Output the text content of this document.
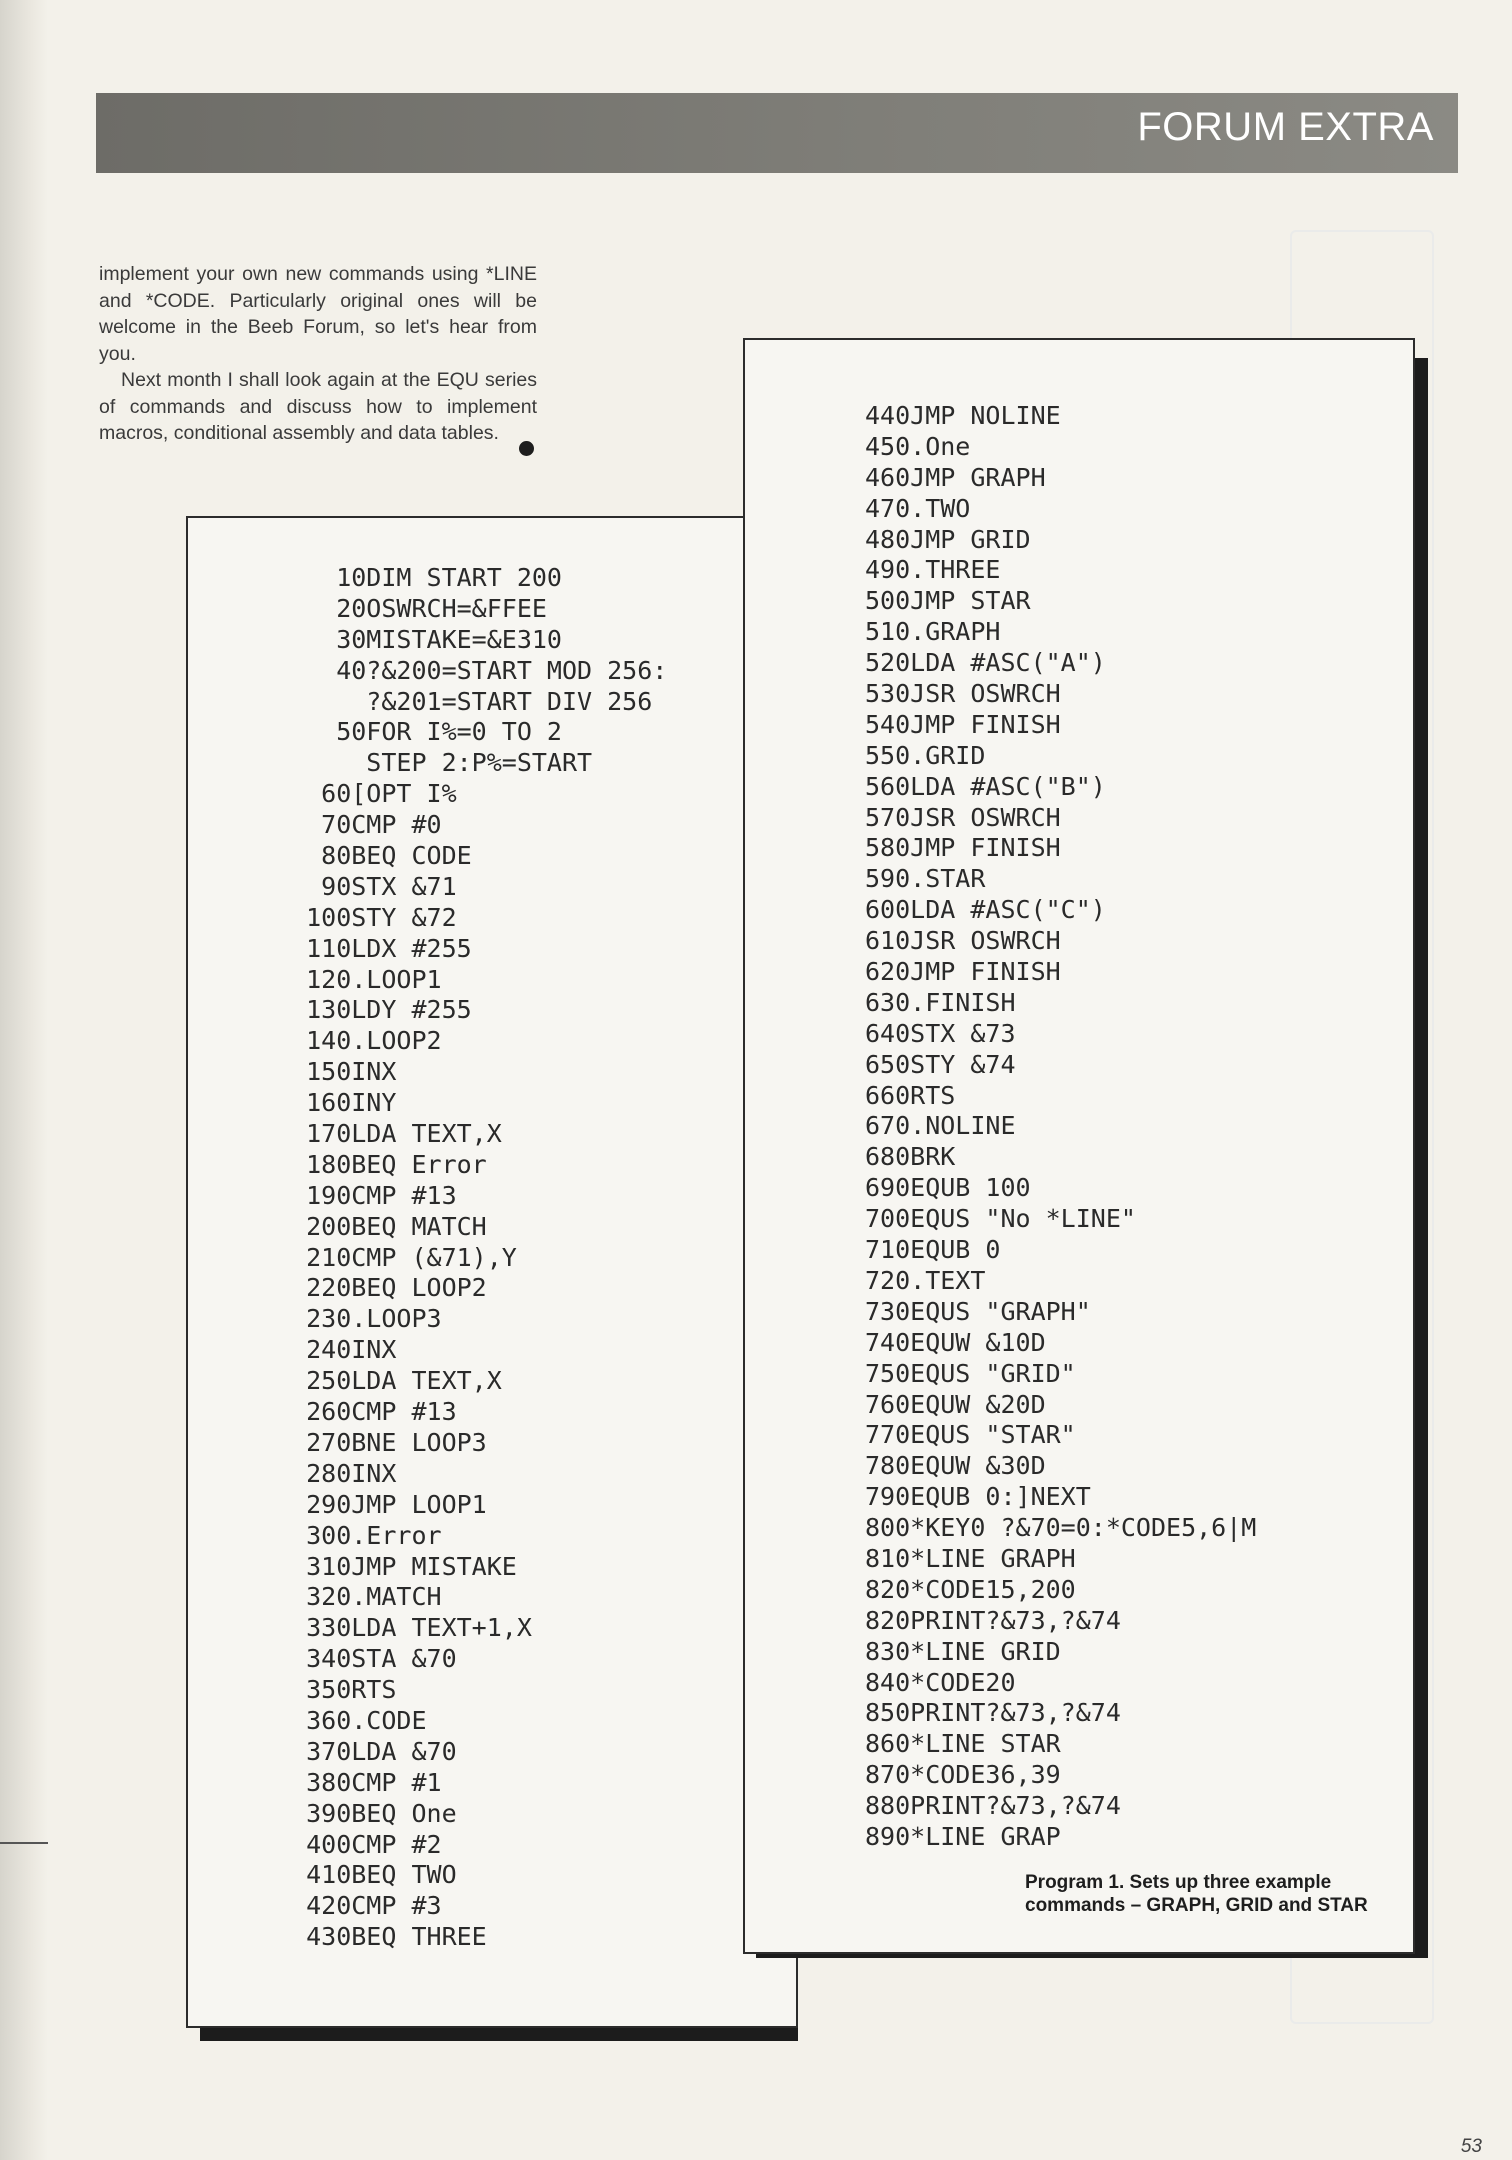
FORUM EXTRA

implement your own new commands using *LINE and *CODE. Particularly original ones will be welcome in the Beeb Forum, so let's hear from you.

Next month I shall look again at the EQU series of commands and discuss how to implement macros, conditional assembly and data tables.

10DIM START 200
20OSWRCH=&FFEE
30MISTAKE=&E310
40?&200=START MOD 256:
?&201=START DIV 256
50FOR I%=0 TO 2
STEP 2:P%=START
60[OPT I%
70CMP #0
80BEQ CODE
90STX &71
100STY &72
110LDX #255
120.LOOP1
130LDY #255
140.LOOP2
150INX
160INY
170LDA TEXT,X
180BEQ Error
190CMP #13
200BEQ MATCH
210CMP (&71),Y
220BEQ LOOP2
230.LOOP3
240INX
250LDA TEXT,X
260CMP #13
270BNE LOOP3
280INX
290JMP LOOP1
300.Error
310JMP MISTAKE
320.MATCH
330LDA TEXT+1,X
340STA &70
350RTS
360.CODE
370LDA &70
380CMP #1
390BEQ One
400CMP #2
410BEQ TWO
420CMP #3
430BEQ THREE
440JMP NOLINE
450.One
460JMP GRAPH
470.TWO
480JMP GRID
490.THREE
500JMP STAR
510.GRAPH
520LDA #ASC("A")
530JSR OSWRCH
540JMP FINISH
550.GRID
560LDA #ASC("B")
570JSR OSWRCH
580JMP FINISH
590.STAR
600LDA #ASC("C")
610JSR OSWRCH
620JMP FINISH
630.FINISH
640STX &73
650STY &74
660RTS
670.NOLINE
680BRK
690EQUB 100
700EQUS "No *LINE"
710EQUB 0
720.TEXT
730EQUS "GRAPH"
740EQUW &10D
750EQUS "GRID"
760EQUW &20D
770EQUS "STAR"
780EQUW &30D
790EQUB 0:]NEXT
800*KEY0 ?&70=0:*CODE5,6|M
810*LINE GRAPH
820*CODE15,200
820PRINT?&73,?&74
830*LINE GRID
840*CODE20
850PRINT?&73,?&74
860*LINE STAR
870*CODE36,39
880PRINT?&73,?&74
890*LINE GRAP
Program 1. Sets up three example commands – GRAPH, GRID and STAR
53
